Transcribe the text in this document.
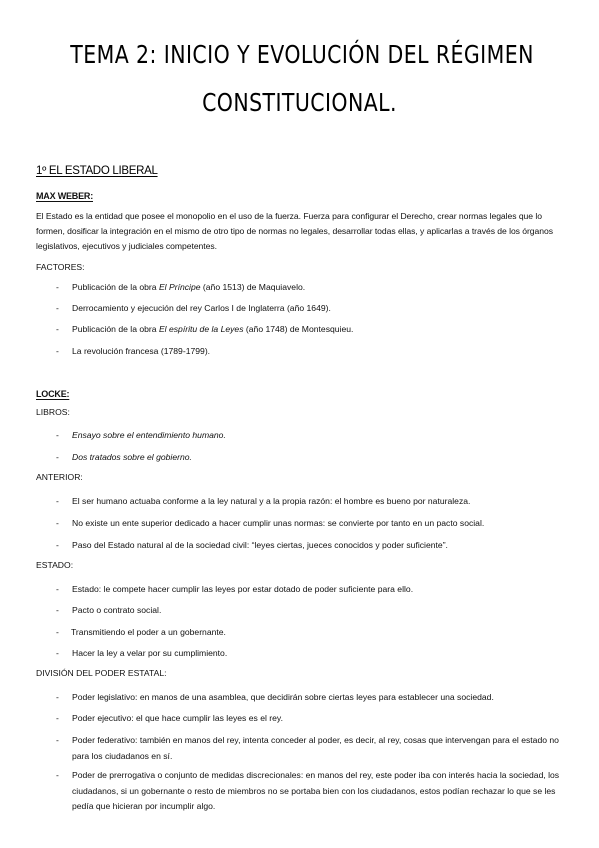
TEMA 2: INICIO Y EVOLUCIÓN DEL RÉGIMEN
CONSTITUCIONAL.
1º EL ESTADO LIBERAL
MAX WEBER:
El Estado es la entidad que posee el monopolio en el uso de la fuerza. Fuerza para configurar el Derecho, crear normas legales que lo formen, dosificar la integración en el mismo de otro tipo de normas no legales, desarrollar todas ellas, y aplicarlas a través de los órganos legislativos, ejecutivos y judiciales competentes.
FACTORES:
- Publicación de la obra El Príncipe (año 1513) de Maquiavelo.
- Derrocamiento y ejecución del rey Carlos I de Inglaterra (año 1649).
- Publicación de la obra El espíritu de la Leyes (año 1748) de Montesquieu.
- La revolución francesa (1789-1799).
LOCKE:
LIBROS:
- Ensayo sobre el entendimiento humano.
- Dos tratados sobre el gobierno.
ANTERIOR:
- El ser humano actuaba conforme a la ley natural y a la propia razón: el hombre es bueno por naturaleza.
- No existe un ente superior dedicado a hacer cumplir unas normas: se convierte por tanto en un pacto social.
- Paso del Estado natural al de la sociedad civil: “leyes ciertas, jueces conocidos y poder suficiente”.
ESTADO:
- Estado: le compete hacer cumplir las leyes por estar dotado de poder suficiente para ello.
- Pacto o contrato social.
- Transmitiendo el poder a un gobernante.
- Hacer la ley a velar por su cumplimiento.
DIVISIÓN DEL PODER ESTATAL:
- Poder legislativo: en manos de una asamblea, que decidirán sobre ciertas leyes para establecer una sociedad.
- Poder ejecutivo: el que hace cumplir las leyes es el rey.
- Poder federativo: también en manos del rey, intenta conceder al poder, es decir, al rey, cosas que intervengan para el estado no para los ciudadanos en sí.
- Poder de prerrogativa o conjunto de medidas discrecionales: en manos del rey, este poder iba con interés hacia la sociedad, los ciudadanos, si un gobernante o resto de miembros no se portaba bien con los ciudadanos, estos podían rechazar lo que se les pedía que hicieran por incumplir algo.
